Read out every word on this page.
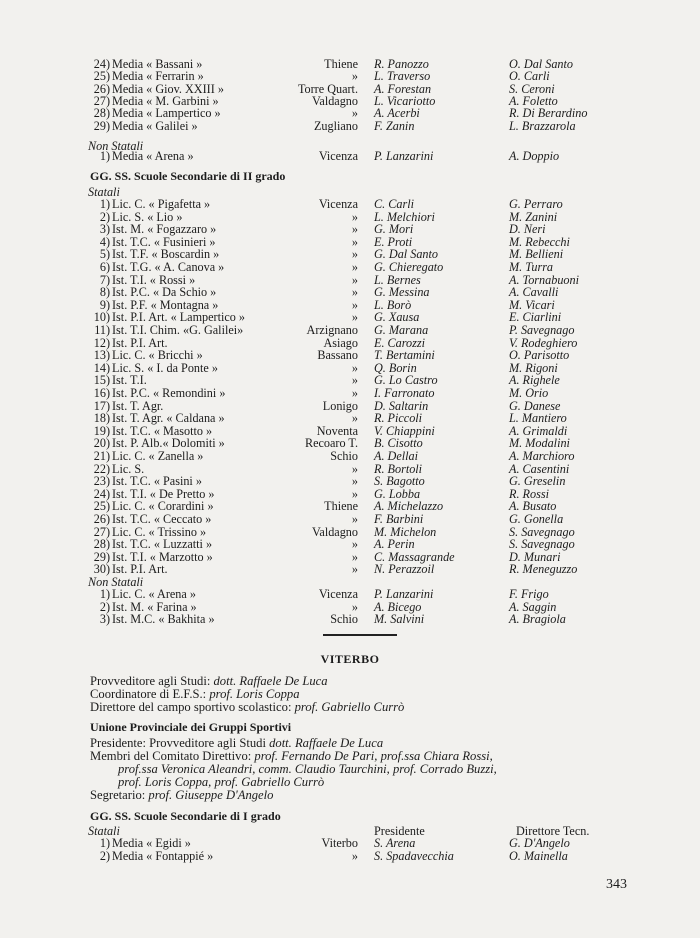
24) Media « Bassani »	Thiene R. Panozzo	O. Dal Santo
25) Media « Ferrarin »	» L. Traverso	O. Carli
26) Media « Giov. XXIII »	Torre Quart. A. Forestan	S. Ceroni
27) Media « M. Garbini »	Valdagno L. Vicariotto	A. Foletto
28) Media « Lampertico »	» A. Acerbi	R. Di Berardino
29) Media « Galilei »	Zugliano F. Zanin	L. Brazzarola
Non Statali
1) Media « Arena »	Vicenza P. Lanzarini	A. Doppio
GG. SS. Scuole Secondarie di II grado
Statali
1) Lic. C. « Pigafetta »	Vicenza C. Carli	G. Perraro
2) Lic. S. « Lio »	» L. Melchiori	M. Zanini
3) Ist. M. « Fogazzaro »	» G. Mori	D. Neri
4) Ist. T.C. « Fusinieri »	» E. Proti	M. Rebecchi
5) Ist. T.F. « Boscardin »	» G. Dal Santo	M. Bellieni
6) Ist. T.G. « A. Canova »	» G. Chieregato	M. Turra
7) Ist. T.I. « Rossi »	» L. Bernes	A. Tornabuoni
8) Ist. P.C. « Da Schio »	» G. Messina	A. Cavalli
9) Ist. P.F. « Montagna »	» L. Borò	M. Vicari
10) Ist. P.I. Art. « Lampertico »	» G. Xausa	E. Ciarlini
11) Ist. T.I. Chim. «G. Galilei»	Arzignano G. Marana	P. Savegnago
12) Ist. P.I. Art.	Asiago E. Carozzi	V. Rodeghiero
13) Lic. C. « Bricchi »	Bassano T. Bertamini	O. Parisotto
14) Lic. S. « I. da Ponte »	» Q. Borin	M. Rigoni
15) Ist. T.I.	» G. Lo Castro	A. Righele
16) Ist. P.C. « Remondini »	» I. Farronato	M. Orio
17) Ist. T. Agr.	Lonigo D. Saltarin	G. Danese
18) Ist. T. Agr. « Caldana »	» R. Piccoli	L. Mantiero
19) Ist. T.C. « Masotto »	Noventa V. Chiappini	A. Grimaldi
20) Ist. P. Alb.« Dolomiti »	Recoaro T. B. Cisotto	M. Modalini
21) Lic. C. « Zanella »	Schio A. Dellai	A. Marchioro
22) Lic. S.	» R. Bortoli	A. Casentini
23) Ist. T.C. « Pasini »	» S. Bagotto	G. Greselin
24) Ist. T.I. « De Pretto »	» G. Lobba	R. Rossi
25) Lic. C. « Corardini »	Thiene A. Michelazzo	A. Busato
26) Ist. T.C. « Ceccato »	» F. Barbini	G. Gonella
27) Lic. C. « Trissino »	Valdagno M. Michelon	S. Savegnago
28) Ist. T.C. « Luzzatti »	» A. Perin	S. Savegnago
29) Ist. T.I. « Marzotto »	» C. Massagrande	D. Munari
30) Ist. P.I. Art.	» N. Perazzoil	R. Meneguzzo
Non Statali
1) Lic. C. « Arena »	Vicenza P. Lanzarini	F. Frigo
2) Ist. M. « Farina »	» A. Bicego	A. Saggin
3) Ist. M.C. « Bakhita »	Schio M. Salvini	A. Bragiola
VITERBO
Provveditore agli Studi: dott. Raffaele De Luca
Coordinatore di E.F.S.: prof. Loris Coppa
Direttore del campo sportivo scolastico: prof. Gabriello Currò
Unione Provinciale dei Gruppi Sportivi
Presidente: Provveditore agli Studi dott. Raffaele De Luca
Membri del Comitato Direttivo: prof. Fernando De Pari, prof.ssa Chiara Rossi,
prof.ssa Veronica Aleandri, comm. Claudio Taurchini, prof. Corrado Buzzi,
prof. Loris Coppa, prof. Gabriello Currò
Segretario: prof. Giuseppe D'Angelo
GG. SS. Scuole Secondarie di I grado
Statali	Presidente	Direttore Tecn.
1) Media « Egidi »	Viterbo S. Arena	G. D'Angelo
2) Media « Fontappié »	» S. Spadavecchia	O. Mainella
343
